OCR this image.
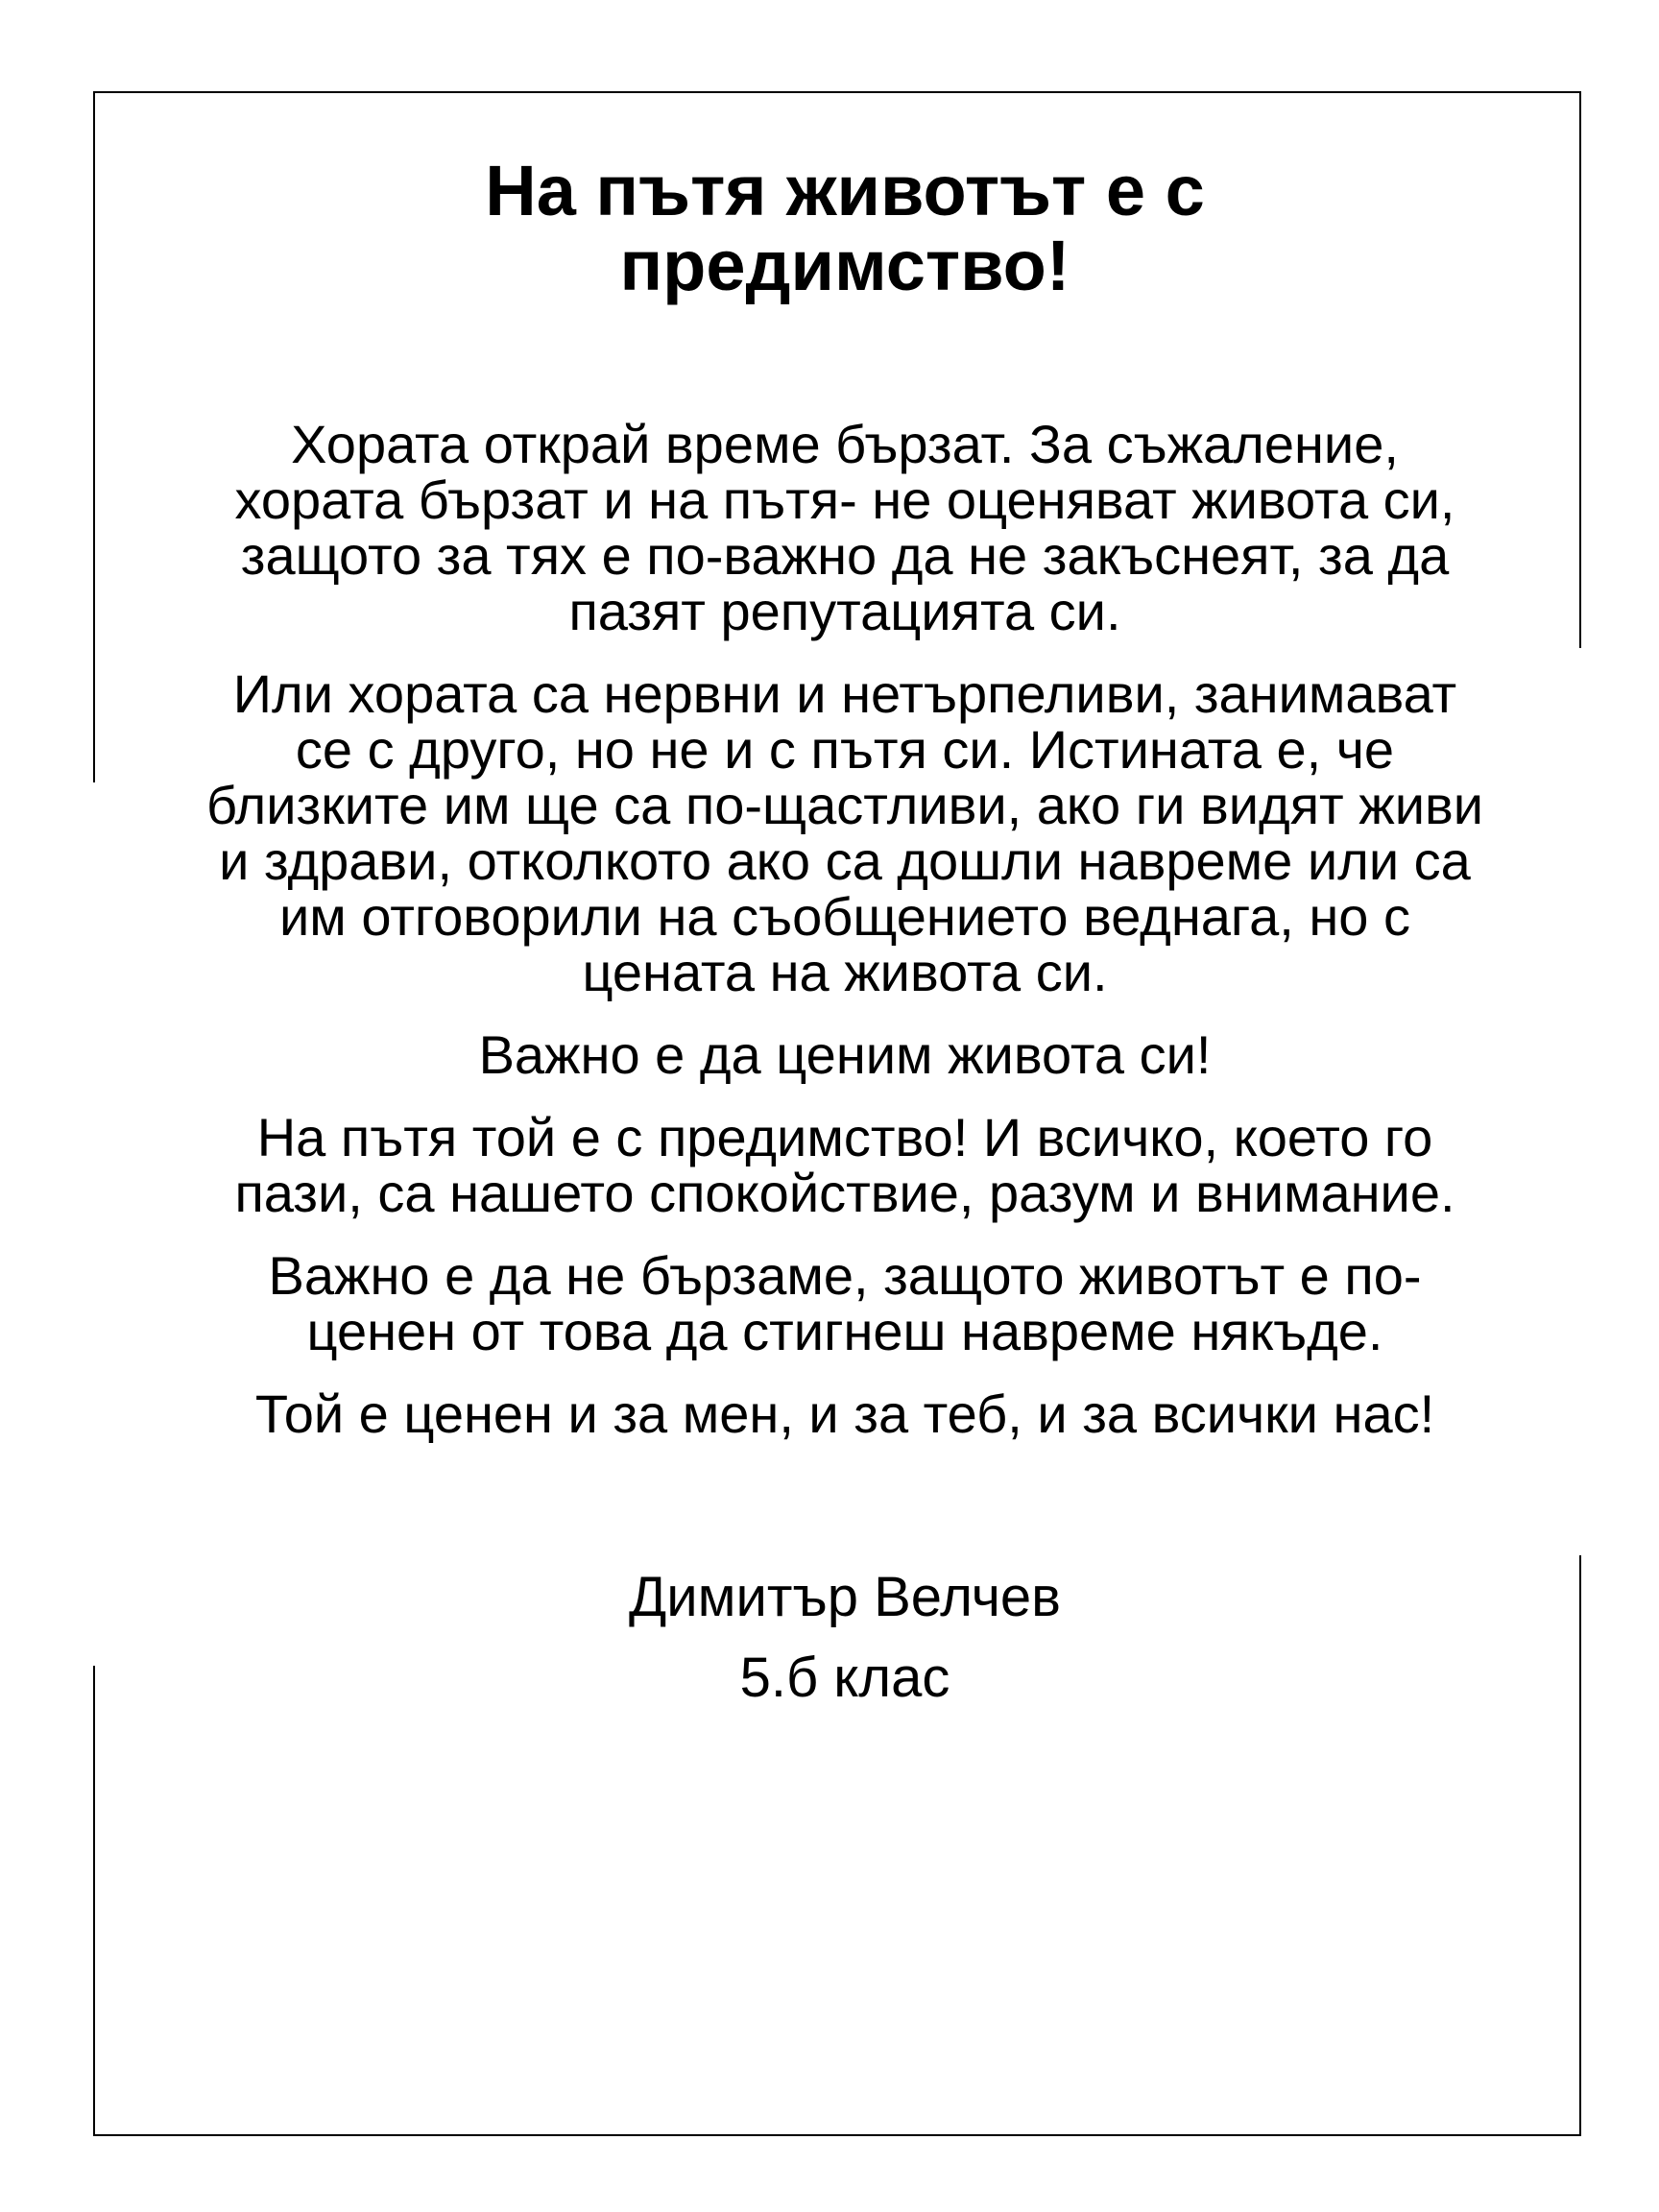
На пътя животът е с предимство!

Хората открай време бързат. За съжаление, хората бързат и на пътя- не оценяват живота си, защото за тях е по-важно да не закъснеят, за да пазят репутацията си.

Или хората са нервни и нетърпеливи, занимават се с друго, но не и с пътя си. Истината е, че близките им ще са по-щастливи, ако ги видят живи и здрави, отколкото ако са дошли навреме или са им отговорили на съобщението веднага, но с цената на живота си.

Важно е да ценим живота си!

На пътя той е с предимство! И всичко, което го пази, са нашето спокойствие, разум и внимание.

Важно е да не бързаме, защото животът е по-ценен от това да стигнеш навреме някъде.

Той е ценен и за мен, и за теб, и за всички нас!

Димитър Велчев
5.б клас
